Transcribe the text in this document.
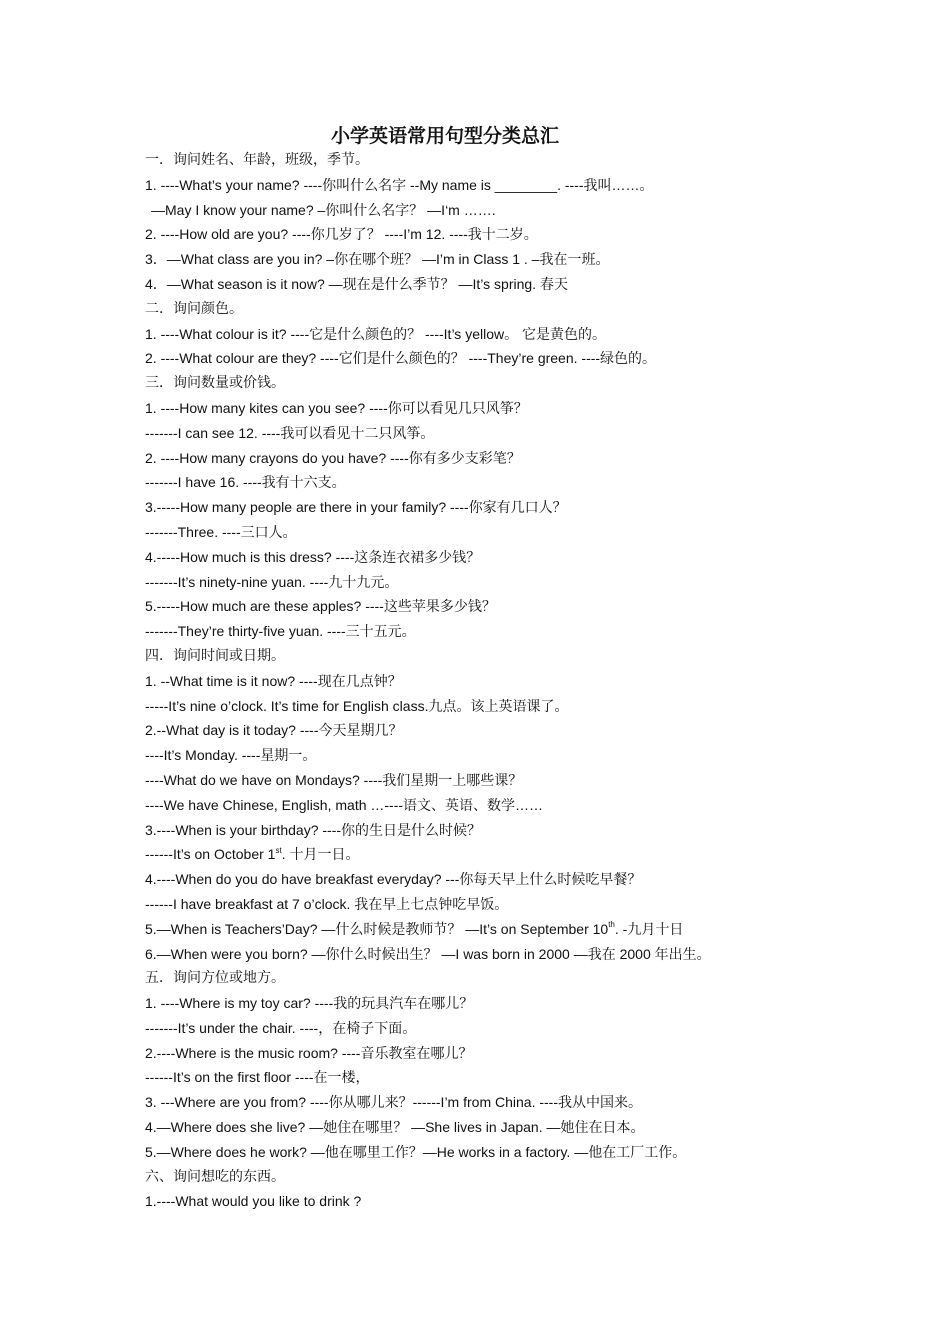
小学英语常用句型分类总汇
一．询问姓名、年龄，班级，季节。
1. ----What’s your name? ----你叫什么名字 --My name is ________. ----我叫……。
—May I know your name? –你叫什么名字？ —I‘m …….
2. ----How old are you? ----你几岁了？ ----I’m 12. ----我十二岁。
3．—What class are you in? –你在哪个班？ —I’m in Class 1 . –我在一班。
4．—What season is it now? —现在是什么季节？ —It’s spring. 春天
二．询问颜色。
1. ----What colour is it? ----它是什么颜色的？ ----It’s yellow。 它是黄色的。
2. ----What colour are they? ----它们是什么颜色的？ ----They’re green. ----绿色的。
三．询问数量或价钱。
1. ----How many kites can you see? ----你可以看见几只风筝？
-------I can see 12. ----我可以看见十二只风筝。
2. ----How many crayons do you have? ----你有多少支彩笔？
-------I have 16. ----我有十六支。
3.-----How many people are there in your family? ----你家有几口人？
-------Three. ----三口人。
4.-----How much is this dress? ----这条连衣裙多少钱？
-------It’s ninety-nine yuan. ----九十九元。
5.-----How much are these apples? ----这些苹果多少钱？
-------They’re thirty-five yuan. ----三十五元。
四．询问时间或日期。
1. --What time is it now? ----现在几点钟？
-----It’s nine o’clock. It’s time for English class.九点。该上英语课了。
2.--What day is it today? ----今天星期几？
----It’s Monday. ----星期一。
----What do we have on Mondays? ----我们星期一上哪些课？
----We have Chinese, English, math …----语文、英语、数学……
3.----When is your birthday? ----你的生日是什么时候？
------It’s on October 1st. 十月一日。
4.----When do you do have breakfast everyday? ---你每天早上什么时候吃早餐？
------I have breakfast at 7 o’clock. 我在早上七点钟吃早饭。
5.—When is Teachers’Day? —什么时候是教师节？ —It’s on September 10th. -九月十日
6.—When were you born? —你什么时候出生？ —I was born in 2000 —我在 2000 年出生。
五．询问方位或地方。
1. ----Where is my toy car? ----我的玩具汽车在哪儿？
-------It’s under the chair. ----，在椅子下面。
2.----Where is the music room? ----音乐教室在哪儿？
------It’s on the first floor ----在一楼，
3. ---Where are you from? ----你从哪儿来？------I’m from China. ----我从中国来。
4.—Where does she live? —她住在哪里？ —She lives in Japan. —她住在日本。
5.—Where does he work? —他在哪里工作？—He works in a factory. —他在工厂工作。
六、询问想吃的东西。
1.----What would you like to drink ?
